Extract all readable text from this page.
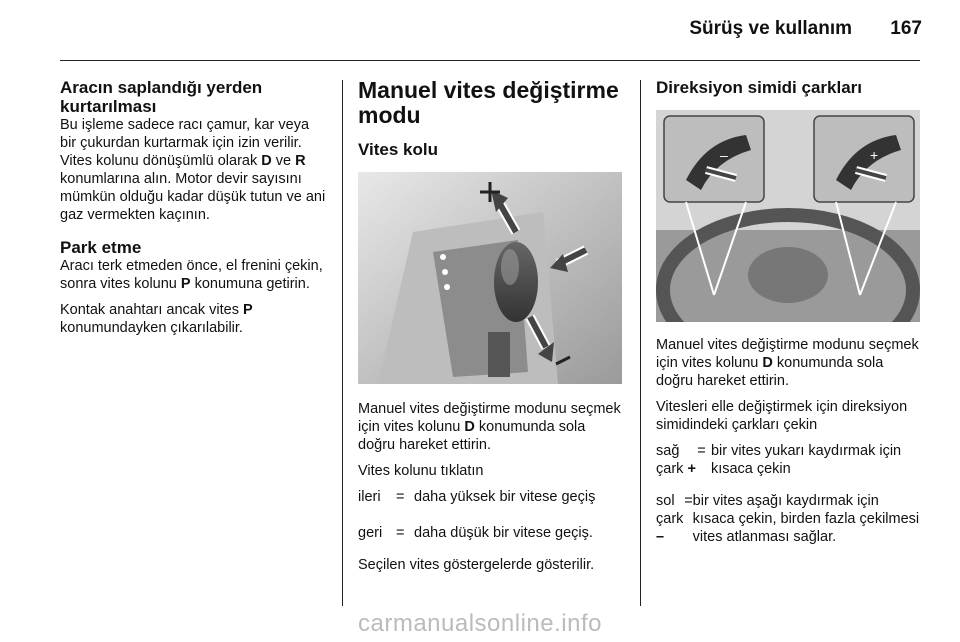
Sürüş ve kullanım 167
Aracın saplandığı yerden kurtarılması

Bu işleme sadece racı çamur, kar veya bir çukurdan kurtarmak için izin verilir. Vites kolunu dönüşümlü olarak D ve R konumlarına alın. Motor devir sayısını mümkün olduğu kadar düşük tutun ve ani gaz vermekten kaçının.

Park etme

Aracı terk etmeden önce, el frenini çekin, sonra vites kolunu P konumuna getirin.

Kontak anahtarı ancak vites P konumundayken çıkarılabilir.

Manuel vites değiştirme modu
Vites kolu

Manuel vites değiştirme modunu seçmek için vites kolunu D konumunda sola doğru hareket ettirin.

Vites kolunu tıklatın

ileri	= daha yüksek bir vitese geçiş
geri = daha düşük bir vitese geçiş.

Seçilen vites göstergelerde gösterilir.

Direksiyon simidi çarkları
–	+

Manuel vites değiştirme modunu seçmek için vites kolunu D konumunda sola doğru hareket ettirin.

Vitesleri elle değiştirmek için direksiyon simidindeki çarkları çekin

sağ
çark +
= bir vites yukarı kaydırmak için kısaca çekin
sol
çark –
= bir vites aşağı kaydırmak için kısaca çekin, birden fazla çekilmesi vites atlanması sağlar.
carmanualsonline.info
